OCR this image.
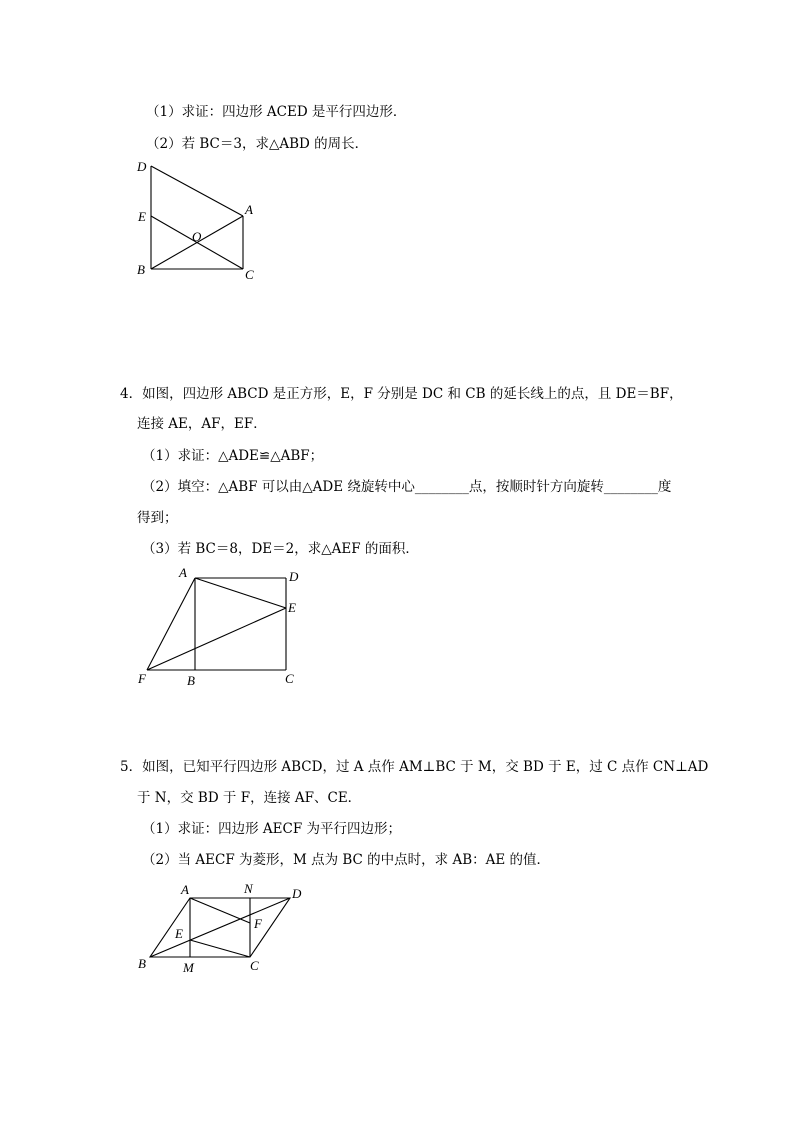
（1）求证：四边形 ACED 是平行四边形．
（2）若 BC＝3，求△ABD 的周长．
D
E	A
O
B	C
4．如图，四边形 ABCD 是正方形，E，F 分别是 DC 和 CB 的延长线上的点，且 DE＝BF，
连接 AE，AF，EF．
（1）求证：△ADE≌△ABF；
（2）填空：△ABF 可以由△ADE 绕旋转中心________点，按顺时针方向旋转________度
得到；
（3）若 BC＝8，DE＝2，求△AEF 的面积．
A	D
E
F	B	C
5．如图，已知平行四边形 ABCD，过 A 点作 AM⊥BC 于 M，交 BD 于 E，过 C 点作 CN⊥AD
于 N，交 BD 于 F，连接 AF、CE．
（1）求证：四边形 AECF 为平行四边形；
（2）当 AECF 为菱形，M 点为 BC 的中点时，求 AB：AE 的值．
A	N	D
E
F
B	M	C
